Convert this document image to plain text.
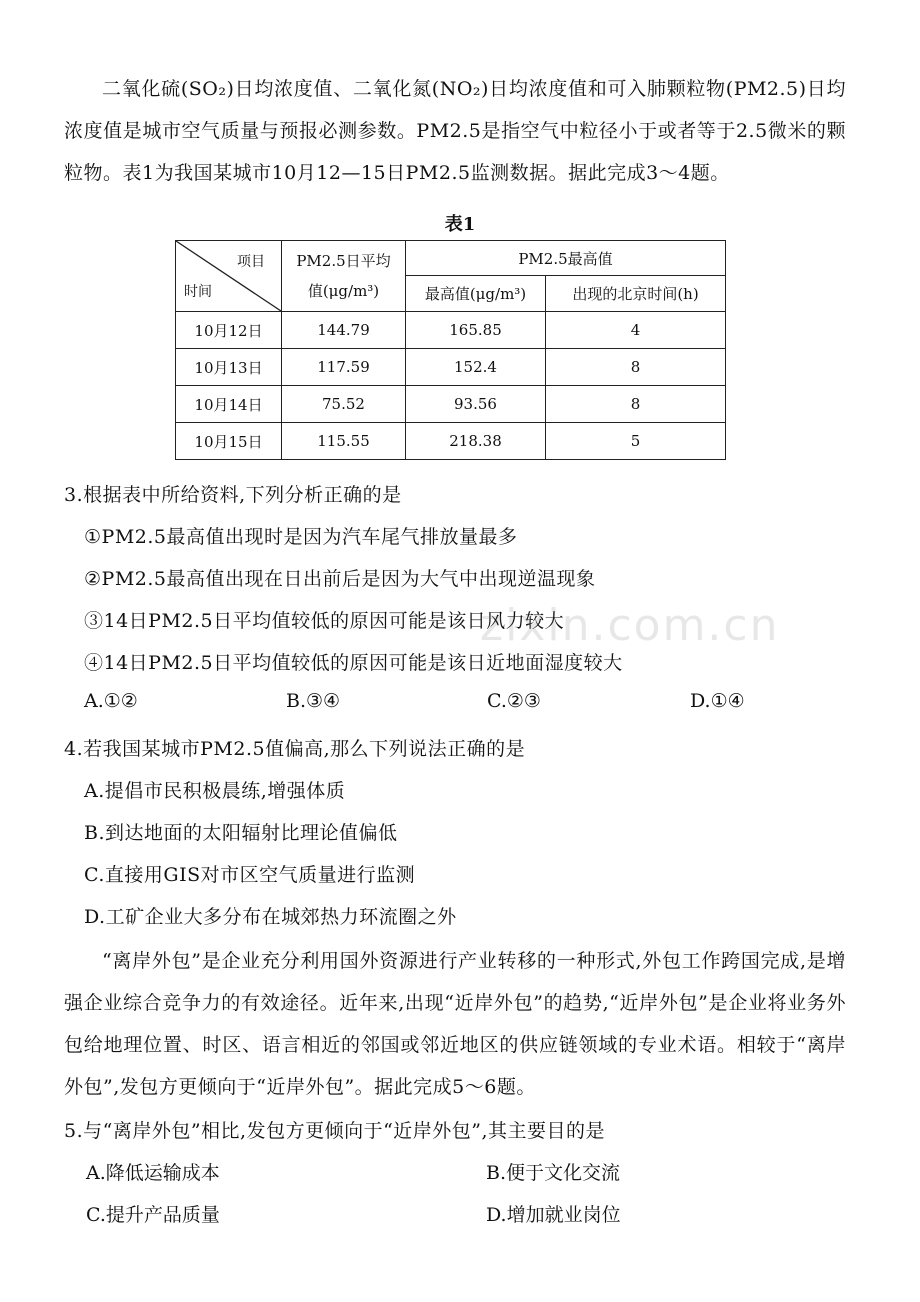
二氧化硫(SO₂)日均浓度值、二氧化氮(NO₂)日均浓度值和可入肺颗粒物(PM2.5)日均浓度值是城市空气质量与预报必测参数。PM2.5是指空气中粒径小于或者等于2.5微米的颗粒物。表1为我国某城市10月12—15日PM2.5监测数据。据此完成3～4题。
表1
项目
时间	PM2.5日平均值(μg/m³)	PM2.5最高值	
		最高值(μg/m³)	出现的北京时间(h)
10月12日	144.79	165.85	4
10月13日	117.59	152.4	8
10月14日	75.52	93.56	8
10月15日	115.55	218.38	5
3.根据表中所给资料,下列分析正确的是
①PM2.5最高值出现时是因为汽车尾气排放量最多
②PM2.5最高值出现在日出前后是因为大气中出现逆温现象
③14日PM2.5日平均值较低的原因可能是该日风力较大
④14日PM2.5日平均值较低的原因可能是该日近地面湿度较大
A.①②	B.③④	C.②③	D.①④
4.若我国某城市PM2.5值偏高,那么下列说法正确的是
A.提倡市民积极晨练,增强体质
B.到达地面的太阳辐射比理论值偏低
C.直接用GIS对市区空气质量进行监测
D.工矿企业大多分布在城郊热力环流圈之外
“离岸外包”是企业充分利用国外资源进行产业转移的一种形式,外包工作跨国完成,是增强企业综合竞争力的有效途径。近年来,出现“近岸外包”的趋势,“近岸外包”是企业将业务外包给地理位置、时区、语言相近的邻国或邻近地区的供应链领域的专业术语。相较于“离岸外包”,发包方更倾向于“近岸外包”。据此完成5～6题。
5.与“离岸外包”相比,发包方更倾向于“近岸外包”,其主要目的是
A.降低运输成本	B.便于文化交流
C.提升产品质量	D.增加就业岗位
zixin.com.cn
